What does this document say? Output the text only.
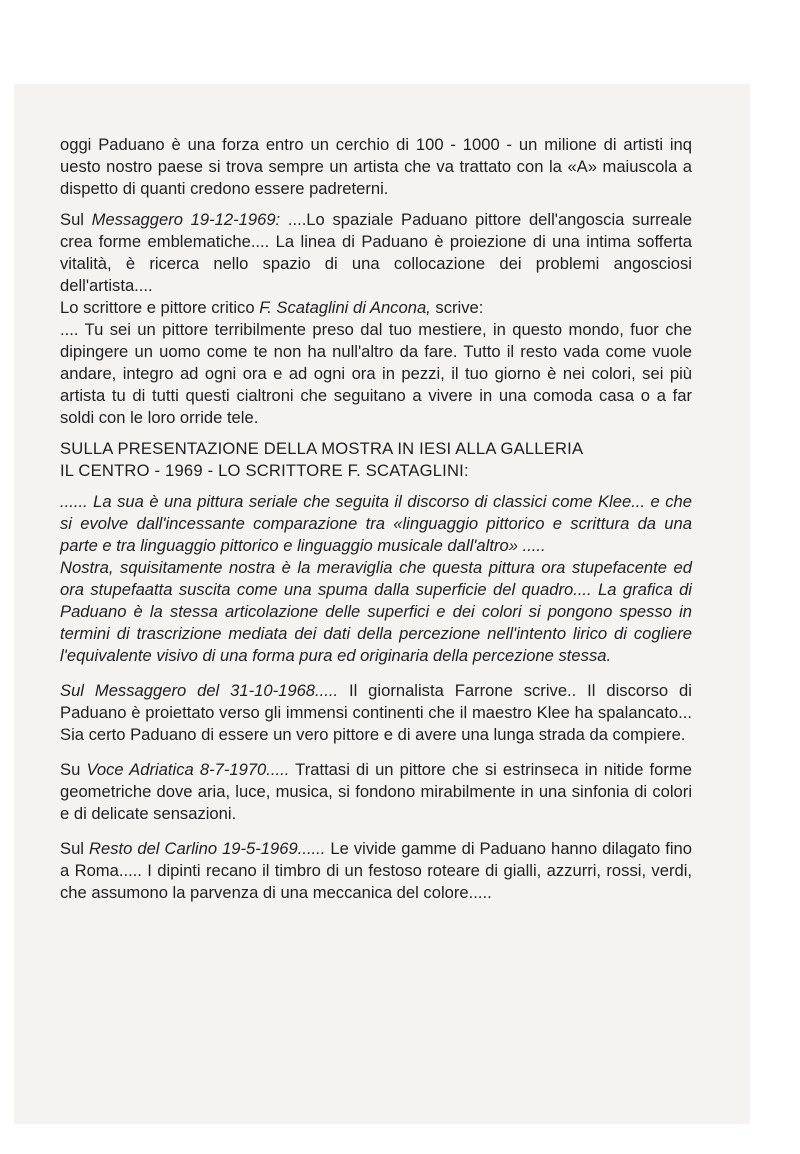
oggi Paduano è una forza entro un cerchio di 100 - 1000 - un milione di artisti inq uesto nostro paese si trova sempre un artista che va trattato con la «A» maiuscola a dispetto di quanti credono essere padreterni.

Sul Messaggero 19-12-1969: ....Lo spaziale Paduano pittore dell'angoscia surreale crea forme emblematiche.... La linea di Paduano è proiezione di una intima sofferta vitalità, è ricerca nello spazio di una collocazione dei problemi angosciosi dell'artista....

Lo scrittore e pittore critico F. Scataglini di Ancona, scrive:

.... Tu sei un pittore terribilmente preso dal tuo mestiere, in questo mondo, fuor che dipingere un uomo come te non ha null'altro da fare. Tutto il resto vada come vuole andare, integro ad ogni ora e ad ogni ora in pezzi, il tuo giorno è nei colori, sei più artista tu di tutti questi cialtroni che seguitano a vivere in una comoda casa o a far soldi con le loro orride tele.

SULLA PRESENTAZIONE DELLA MOSTRA IN IESI ALLA GALLERIA
IL CENTRO - 1969 - LO SCRITTORE F. SCATAGLINI:

...... La sua è una pittura seriale che seguita il discorso di classici come Klee... e che si evolve dall'incessante comparazione tra «linguaggio pittorico e scrittura da una parte e tra linguaggio pittorico e linguaggio musicale dall'altro» .....

Nostra, squisitamente nostra è la meraviglia che questa pittura ora stupefacente ed ora stupefaatta suscita come una spuma dalla superficie del quadro.... La grafica di Paduano è la stessa articolazione delle superfici e dei colori si pongono spesso in termini di trascrizione mediata dei dati della percezione nell'intento lirico di cogliere l'equivalente visivo di una forma pura ed originaria della percezione stessa.

Sul Messaggero del 31-10-1968..... Il giornalista Farrone scrive.. Il discorso di Paduano è proiettato verso gli immensi continenti che il maestro Klee ha spalancato... Sia certo Paduano di essere un vero pittore e di avere una lunga strada da compiere.

Su Voce Adriatica 8-7-1970..... Trattasi di un pittore che si estrinseca in nitide forme geometriche dove aria, luce, musica, si fondono mirabilmente in una sinfonia di colori e di delicate sensazioni.

Sul Resto del Carlino 19-5-1969...... Le vivide gamme di Paduano hanno dilagato fino a Roma..... I dipinti recano il timbro di un festoso roteare di gialli, azzurri, rossi, verdi, che assumono la parvenza di una meccanica del colore.....
